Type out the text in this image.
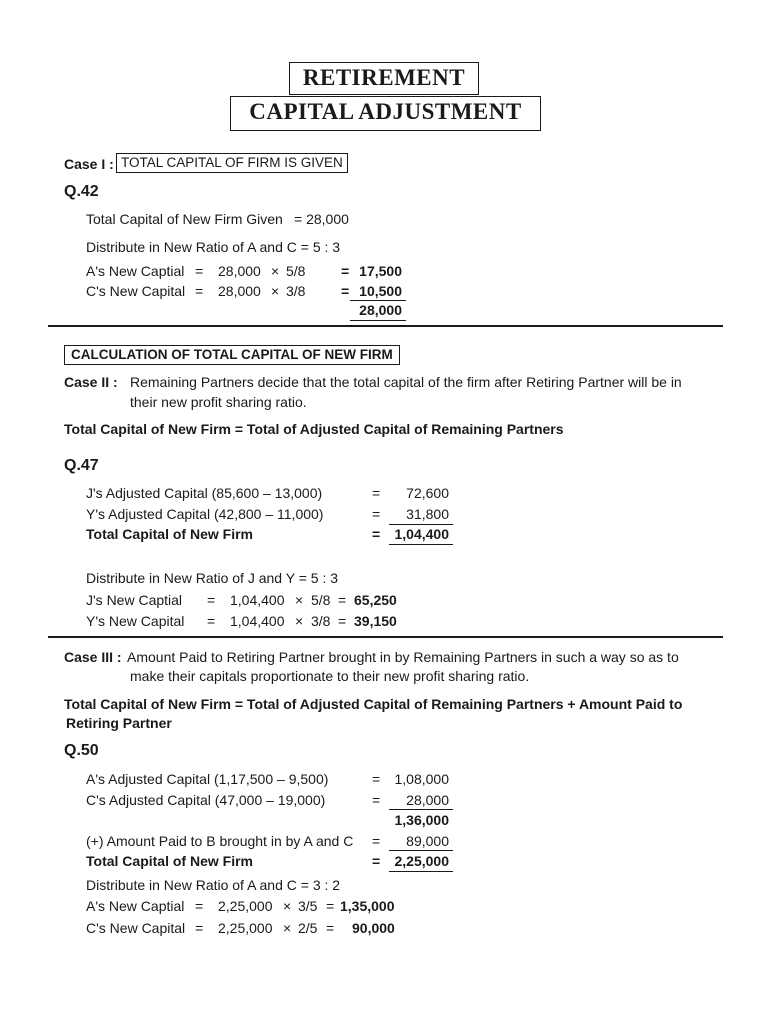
RETIREMENT
CAPITAL ADJUSTMENT
Case I : TOTAL CAPITAL OF FIRM IS GIVEN
Q.42
Total Capital of New Firm Given = 28,000
Distribute in New Ratio of A and C = 5 : 3
A's New Captial = 28,000 × 5/8	= 17,500
C's New Capital = 28,000 × 3/8	= 10,500
28,000
CALCULATION OF TOTAL CAPITAL OF NEW FIRM
Case II : Remaining Partners decide that the total capital of the firm after Retiring Partner will be in
their new profit sharing ratio.
Total Capital of New Firm = Total of Adjusted Capital of Remaining Partners
Q.47
J's Adjusted Capital (85,600 – 13,000)	=	72,600
Y's Adjusted Capital (42,800 – 11,000)	=	31,800
Total Capital of New Firm	=	1,04,400
Distribute in New Ratio of J and Y = 5 : 3
J's New Captial = 1,04,400 × 5/8 = 65,250
Y's New Capital = 1,04,400 × 3/8 = 39,150
Case III : Amount Paid to Retiring Partner brought in by Remaining Partners in such a way so as to
make their capitals proportionate to their new profit sharing ratio.
Total Capital of New Firm = Total of Adjusted Capital of Remaining Partners + Amount Paid to
Retiring Partner
Q.50
A's Adjusted Capital (1,17,500 – 9,500)	=	1,08,000
C's Adjusted Capital (47,000 – 19,000)	=	28,000
1,36,000
(+) Amount Paid to B brought in by A and C =	89,000
Total Capital of New Firm	=	2,25,000
Distribute in New Ratio of A and C = 3 : 2
A's New Captial = 2,25,000 × 3/5 = 1,35,000
C's New Capital = 2,25,000 × 2/5 = 90,000
